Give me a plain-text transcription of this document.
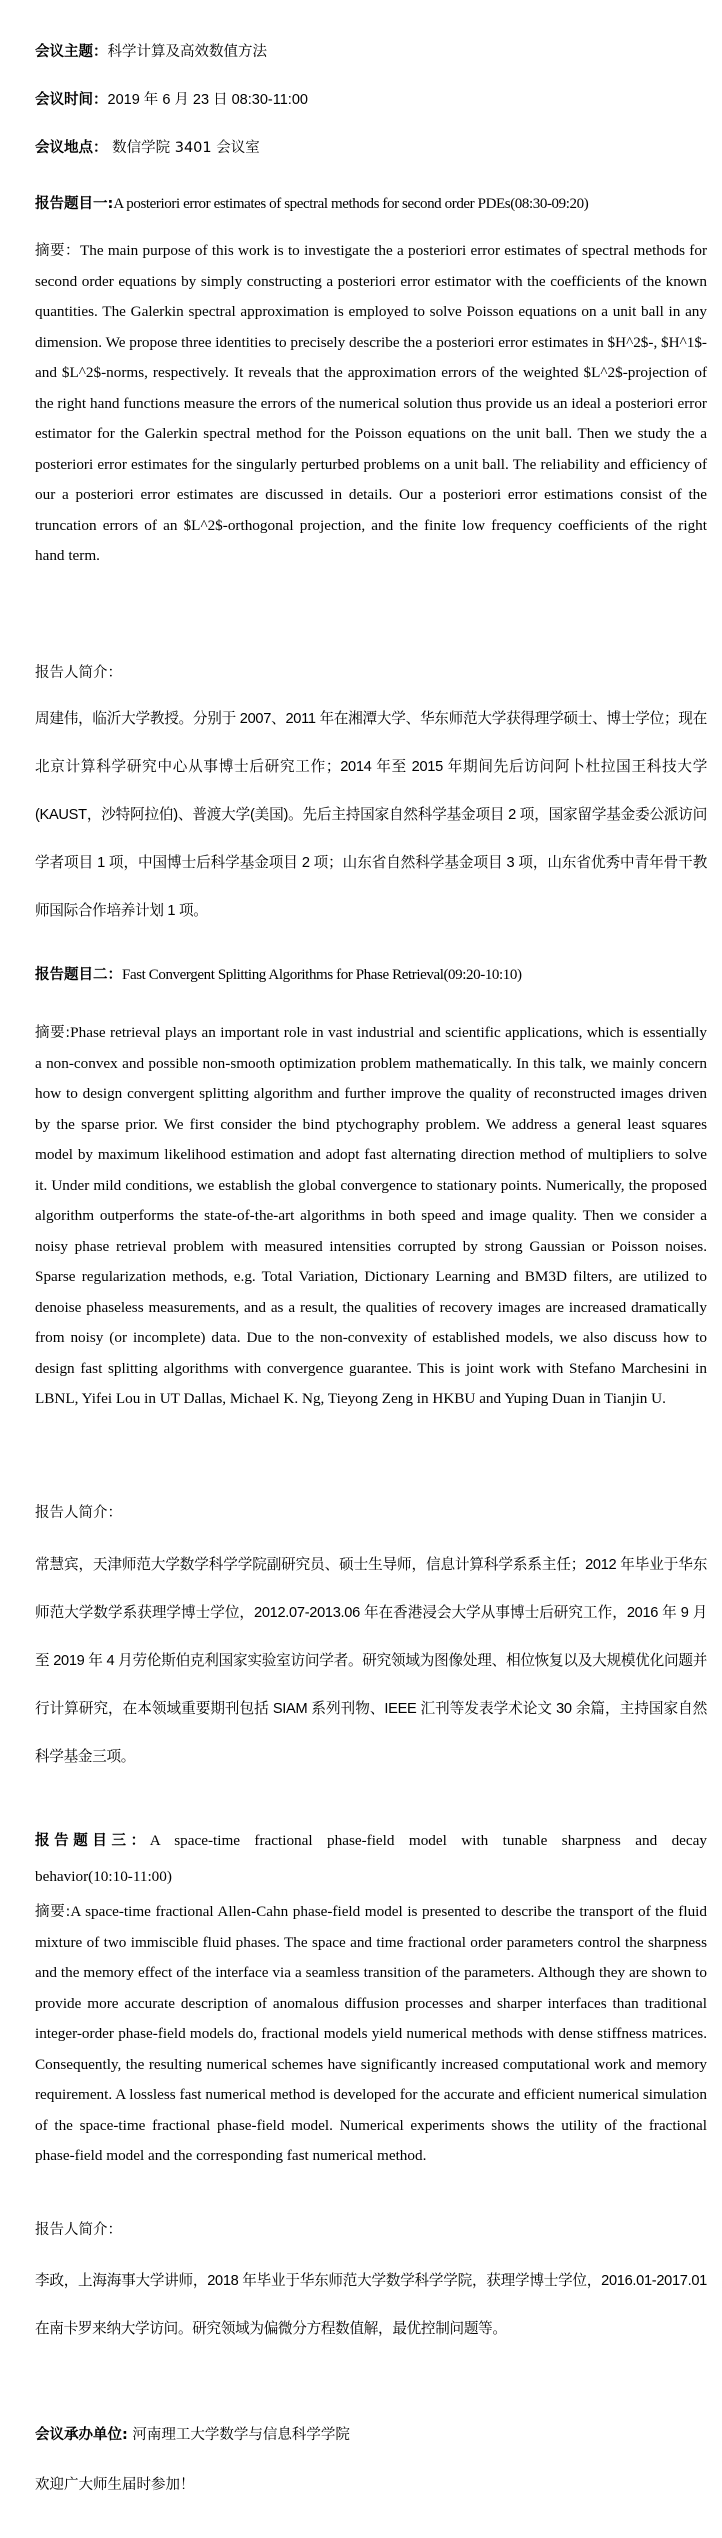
会议主题：科学计算及高效数值方法
会议时间：2019 年 6 月 23 日 08:30-11:00
会议地点： 数信学院 3401 会议室
报告题目一:A posteriori error estimates of spectral methods for second order PDEs(08:30-09:20)
摘要：The main purpose of this work is to investigate the a posteriori error estimates of spectral methods for second order equations by simply constructing a posteriori error estimator with the coefficients of the known quantities. The Galerkin spectral approximation is employed to solve Poisson equations on a unit ball in any dimension. We propose three identities to precisely describe the a posteriori error estimates in $H^2$-, $H^1$- and $L^2$-norms, respectively. It reveals that the approximation errors of the weighted $L^2$-projection of the right hand functions measure the errors of the numerical solution thus provide us an ideal a posteriori error estimator for the Galerkin spectral method for the Poisson equations on the unit ball. Then we study the a posteriori error estimates for the singularly perturbed problems on a unit ball. The reliability and efficiency of our a posteriori error estimates are discussed in details. Our a posteriori error estimations consist of the truncation errors of an $L^2$-orthogonal projection, and the finite low frequency coefficients of the right hand term.
报告人简介：
周建伟，临沂大学教授。分别于 2007、2011 年在湘潭大学、华东师范大学获得理学硕士、博士学位；现在北京计算科学研究中心从事博士后研究工作；2014 年至 2015 年期间先后访问阿卜杜拉国王科技大学(KAUST，沙特阿拉伯)、普渡大学(美国)。先后主持国家自然科学基金项目 2 项，国家留学基金委公派访问学者项目 1 项，中国博士后科学基金项目 2 项；山东省自然科学基金项目 3 项，山东省优秀中青年骨干教师国际合作培养计划 1 项。
报告题目二：Fast Convergent Splitting Algorithms for Phase Retrieval(09:20-10:10)
摘要:Phase retrieval plays an important role in vast industrial and scientific applications, which is essentially a non-convex and possible non-smooth optimization problem mathematically. In this talk, we mainly concern how to design convergent splitting algorithm and further improve the quality of reconstructed images driven by the sparse prior. We first consider the bind ptychography problem. We address a general least squares model by maximum likelihood estimation and adopt fast alternating direction method of multipliers to solve it. Under mild conditions, we establish the global convergence to stationary points. Numerically, the proposed algorithm outperforms the state-of-the-art algorithms in both speed and image quality. Then we consider a noisy phase retrieval problem with measured intensities corrupted by strong Gaussian or Poisson noises. Sparse regularization methods, e.g. Total Variation, Dictionary Learning and BM3D filters, are utilized to denoise phaseless measurements, and as a result, the qualities of recovery images are increased dramatically from noisy (or incomplete) data. Due to the non-convexity of established models, we also discuss how to design fast splitting algorithms with convergence guarantee. This is joint work with Stefano Marchesini in LBNL, Yifei Lou in UT Dallas, Michael K. Ng, Tieyong Zeng in HKBU and Yuping Duan in Tianjin U.
报告人简介：
常慧宾，天津师范大学数学科学学院副研究员、硕士生导师，信息计算科学系系主任；2012 年毕业于华东师范大学数学系获理学博士学位，2012.07-2013.06 年在香港浸会大学从事博士后研究工作，2016 年 9 月至 2019 年 4 月劳伦斯伯克利国家实验室访问学者。研究领域为图像处理、相位恢复以及大规模优化问题并行计算研究，在本领域重要期刊包括 SIAM 系列刊物、IEEE 汇刊等发表学术论文 30 余篇，主持国家自然科学基金三项。
报告题目三：A space-time fractional phase-field model with tunable sharpness and decay behavior(10:10-11:00)
摘要:A space-time fractional Allen-Cahn phase-field model is presented to describe the transport of the fluid mixture of two immiscible fluid phases. The space and time fractional order parameters control the sharpness and the memory effect of the interface via a seamless transition of the parameters. Although they are shown to provide more accurate description of anomalous diffusion processes and sharper interfaces than traditional integer-order phase-field models do, fractional models yield numerical methods with dense stiffness matrices. Consequently, the resulting numerical schemes have significantly increased computational work and memory requirement. A lossless fast numerical method is developed for the accurate and efficient numerical simulation of the space-time fractional phase-field model. Numerical experiments shows the utility of the fractional phase-field model and the corresponding fast numerical method.
报告人简介：
李政，上海海事大学讲师，2018 年毕业于华东师范大学数学科学学院，获理学博士学位，2016.01-2017.01 在南卡罗来纳大学访问。研究领域为偏微分方程数值解，最优控制问题等。
会议承办单位: 河南理工大学数学与信息科学学院
欢迎广大师生届时参加！
